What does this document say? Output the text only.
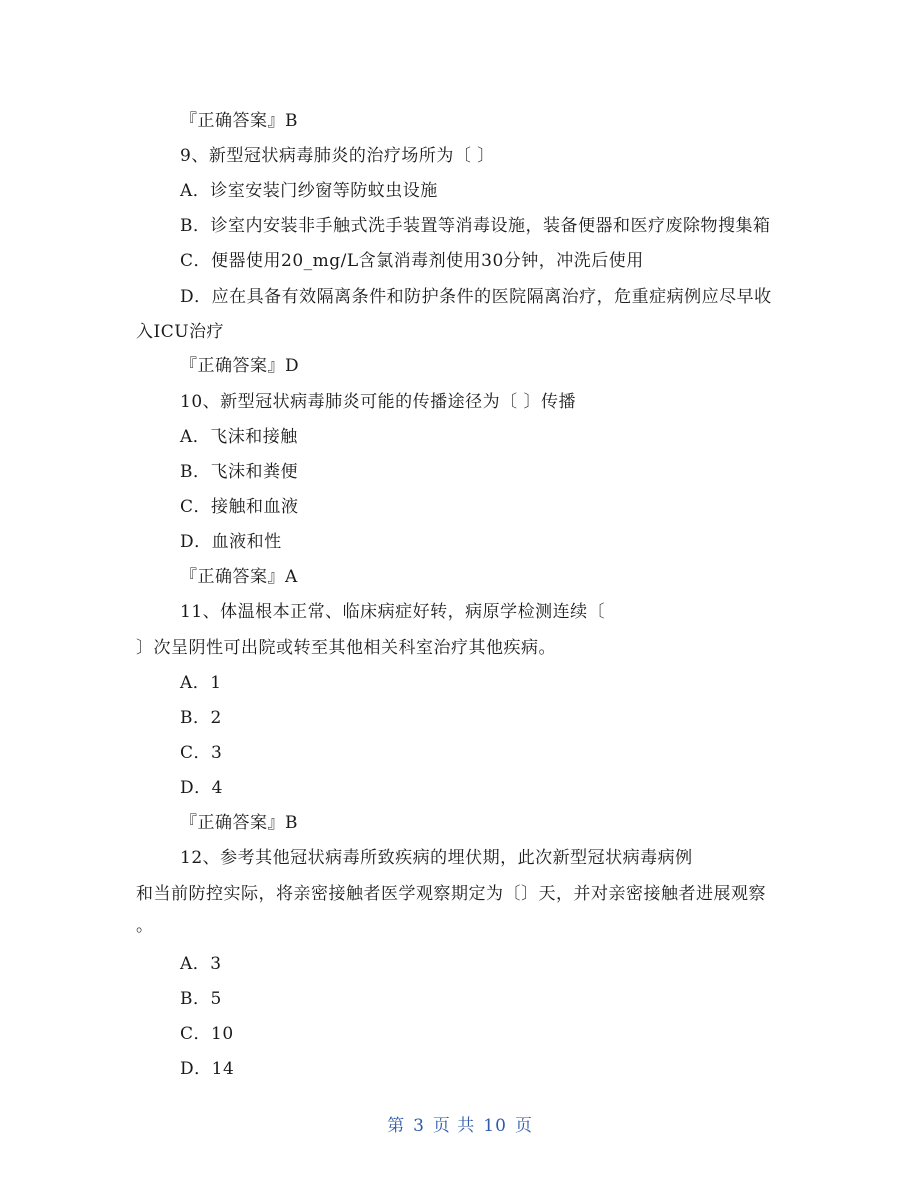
『正确答案』B
9、新型冠状病毒肺炎的治疗场所为〔 〕
A．诊室安装门纱窗等防蚊虫设施
B．诊室内安装非手触式洗手装置等消毒设施，装备便器和医疗废除物搜集箱
C．便器使用20_mg/L含氯消毒剂使用30分钟，冲洗后使用
D．应在具备有效隔离条件和防护条件的医院隔离治疗，危重症病例应尽早收
入ICU治疗
『正确答案』D
10、新型冠状病毒肺炎可能的传播途径为〔 〕传播
A．飞沫和接触
B．飞沫和粪便
C．接触和血液
D．血液和性
『正确答案』A
11、体温根本正常、临床病症好转，病原学检测连续〔
〕次呈阴性可出院或转至其他相关科室治疗其他疾病。
A．1
B．2
C．3
D．4
『正确答案』B
12、参考其他冠状病毒所致疾病的埋伏期，此次新型冠状病毒病例
和当前防控实际，将亲密接触者医学观察期定为〔〕天，并对亲密接触者进展观察
。
A．3
B．5
C．10
D．14
第 3 页 共 10 页
